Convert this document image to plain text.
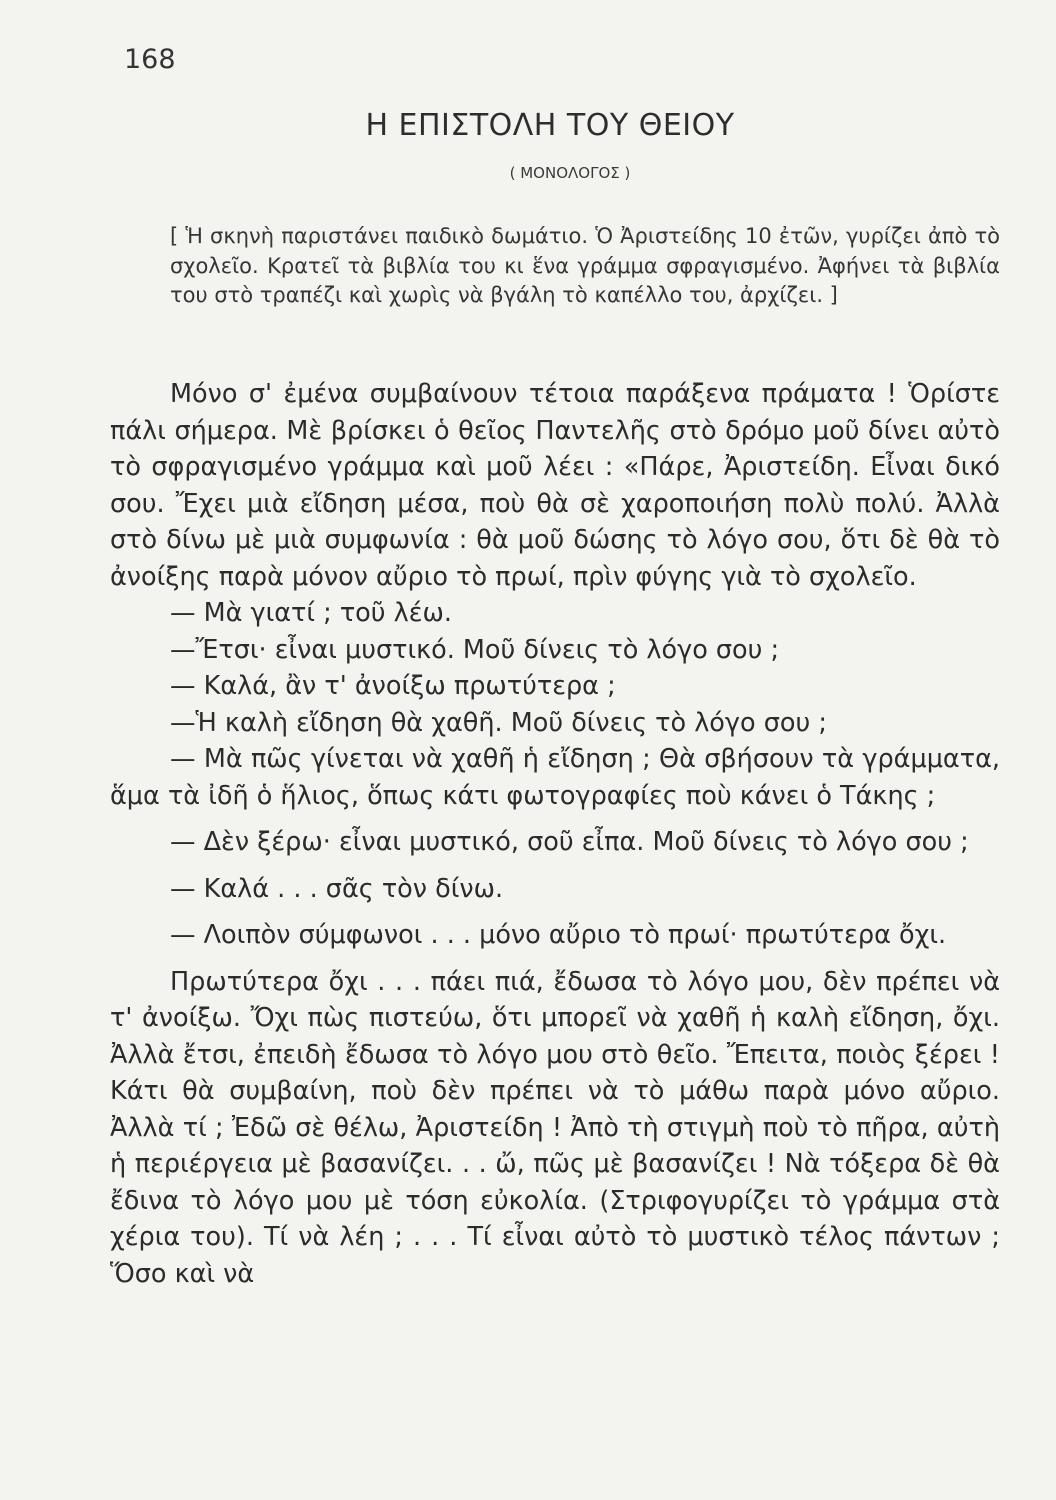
168
Η ΕΠΙΣΤΟΛΗ ΤΟΥ ΘΕΙΟΥ
( ΜΟΝΟΛΟΓΟΣ )
[ Ἡ σκηνὴ παριστάνει παιδικὸ δωμάτιο. Ὁ Ἀριστείδης 10 ἐτῶν, γυρίζει ἀπὸ τὸ σχολεῖο. Κρατεῖ τὰ βιβλία του κι ἕνα γράμμα σφραγισμένο. Ἀφήνει τὰ βιβλία του στὸ τραπέζι καὶ χωρὶς νὰ βγάλη τὸ καπέλλο του, ἀρχίζει. ]

Μόνο σ' ἐμένα συμβαίνουν τέτοια παράξενα πράματα ! Ὁρίστε πάλι σήμερα. Μὲ βρίσκει ὁ θεῖος Παντελῆς στὸ δρόμο μοῦ δίνει αὐτὸ τὸ σφραγισμένο γράμμα καὶ μοῦ λέει : «Πάρε, Ἀριστείδη. Εἶναι δικό σου. Ἔχει μιὰ εἴδηση μέσα, ποὺ θὰ σὲ χαροποιήση πολὺ πολύ. Ἀλλὰ στὸ δίνω μὲ μιὰ συμφωνία : θὰ μοῦ δώσης τὸ λόγο σου, ὅτι δὲ θὰ τὸ ἀνοίξης παρὰ μόνον αὔριο τὸ πρωί, πρὶν φύγης γιὰ τὸ σχολεῖο.

— Μὰ γιατί ; τοῦ λέω.

—Ἔτσι· εἶναι μυστικό. Μοῦ δίνεις τὸ λόγο σου ;

— Καλά, ἂν τ' ἀνοίξω πρωτύτερα ;

—Ἡ καλὴ εἴδηση θὰ χαθῆ. Μοῦ δίνεις τὸ λόγο σου ;

— Μὰ πῶς γίνεται νὰ χαθῆ ἡ εἴδηση ; Θὰ σβήσουν τὰ γράμματα, ἅμα τὰ ἰδῆ ὁ ἥλιος, ὅπως κάτι φωτογραφίες ποὺ κάνει ὁ Τάκης ;

— Δὲν ξέρω· εἶναι μυστικό, σοῦ εἶπα. Μοῦ δίνεις τὸ λόγο σου ;

— Καλά . . . σᾶς τὸν δίνω.

— Λοιπὸν σύμφωνοι . . . μόνο αὔριο τὸ πρωί· πρωτύτερα ὄχι.

Πρωτύτερα ὄχι . . . πάει πιά, ἔδωσα τὸ λόγο μου, δὲν πρέπει νὰ τ' ἀνοίξω. Ὄχι πὼς πιστεύω, ὅτι μπορεῖ νὰ χαθῆ ἡ καλὴ εἴδηση, ὄχι. Ἀλλὰ ἔτσι, ἐπειδὴ ἔδωσα τὸ λόγο μου στὸ θεῖο. Ἔπειτα, ποιὸς ξέρει ! Κάτι θὰ συμβαίνη, ποὺ δὲν πρέπει νὰ τὸ μάθω παρὰ μόνο αὔριο. Ἀλλὰ τί ; Ἐδῶ σὲ θέλω, Ἀριστείδη ! Ἀπὸ τὴ στιγμὴ ποὺ τὸ πῆρα, αὐτὴ ἡ περιέργεια μὲ βασανίζει. . . ὤ, πῶς μὲ βασανίζει ! Νὰ τόξερα δὲ θὰ ἔδινα τὸ λόγο μου μὲ τόση εὐκολία. (Στριφογυρίζει τὸ γράμμα στὰ χέρια του). Τί νὰ λέη ; . . . Τί εἶναι αὐτὸ τὸ μυστικὸ τέλος πάντων ; Ὅσο καὶ νὰ
